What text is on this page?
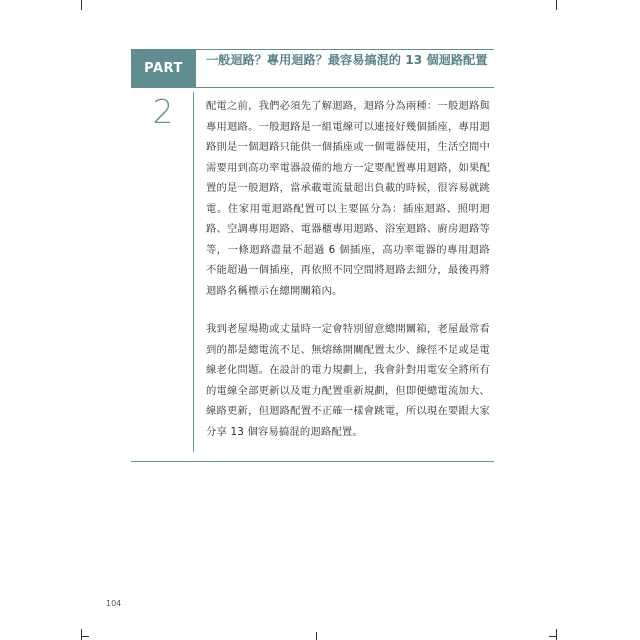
PART
一般迴路？專用迴路？最容易搞混的 13 個迴路配置
2	配電之前，我們必須先了解迴路，迴路分為兩種：一般迴路與專用迴路。一般迴路是一組電線可以連接好幾個插座，專用迴路則是一個迴路只能供一個插座或一個電器使用，生活空間中需要用到高功率電器設備的地方一定要配置專用迴路，如果配置的是一般迴路，當承載電流量超出負載的時候，很容易就跳電。住家用電迴路配置可以主要區分為：插座迴路、照明迴路、空調專用迴路、電器櫃專用迴路、浴室迴路、廚房迴路等等，一條迴路盡量不超過 6 個插座，高功率電器的專用迴路不能超過一個插座，再依照不同空間將迴路去細分，最後再將迴路名稱標示在總開關箱內。

我到老屋場勘或丈量時一定會特別留意總開關箱，老屋最常看到的都是總電流不足、無熔絲開關配置太少、線徑不足或是電線老化問題。在設計的電力規劃上，我會針對用電安全將所有的電線全部更新以及電力配置重新規劃，但即便總電流加大、線路更新，但迴路配置不正確一樣會跳電，所以現在要跟大家分享 13 個容易搞混的迴路配置。

104
